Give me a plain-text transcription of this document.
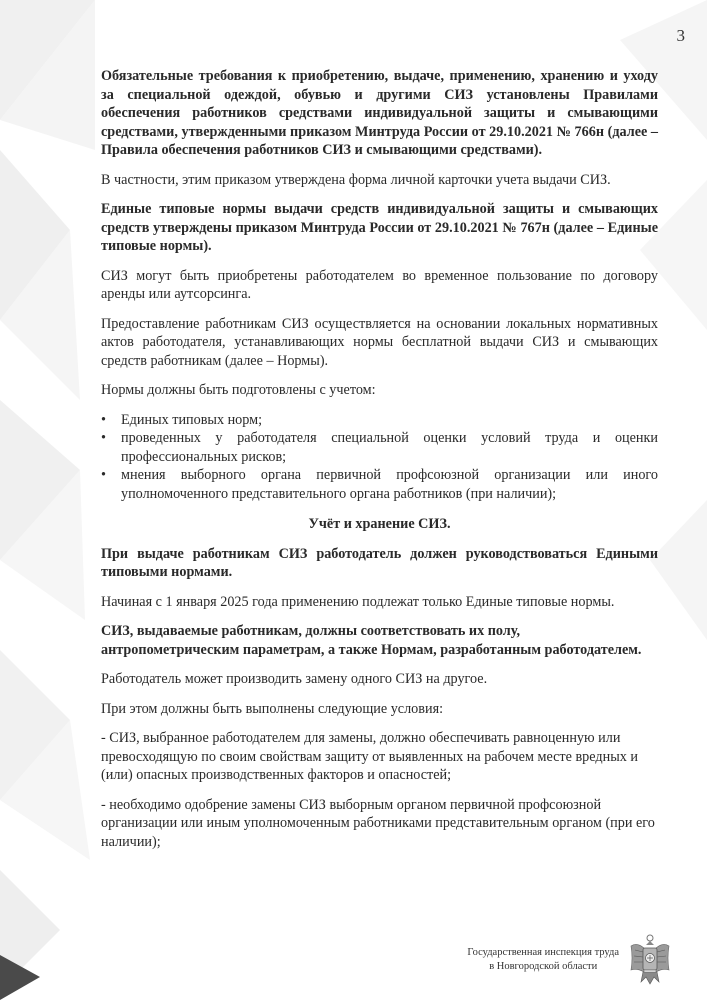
3

Обязательные требования к приобретению, выдаче, применению, хранению и уходу за специальной одеждой, обувью и другими СИЗ установлены Правилами обеспечения работников средствами индивидуальной защиты и смывающими средствами, утвержденными приказом Минтруда России от 29.10.2021 № 766н (далее – Правила обеспечения работников СИЗ и смывающими средствами).

В частности, этим приказом утверждена форма личной карточки учета выдачи СИЗ.

Единые типовые нормы выдачи средств индивидуальной защиты и смывающих средств утверждены приказом Минтруда России от 29.10.2021 № 767н (далее – Единые типовые нормы).

СИЗ могут быть приобретены работодателем во временное пользование по договору аренды или аутсорсинга.

Предоставление работникам СИЗ осуществляется на основании локальных нормативных актов работодателя, устанавливающих нормы бесплатной выдачи СИЗ и смывающих средств работникам (далее – Нормы).

Нормы должны быть подготовлены с учетом:

• Единых типовых норм;
• проведенных у работодателя специальной оценки условий труда и оценки профессиональных рисков;
• мнения выборного органа первичной профсоюзной организации или иного уполномоченного представительного органа работников (при наличии);

Учёт и хранение СИЗ.

При выдаче работникам СИЗ работодатель должен руководствоваться Едиными типовыми нормами.

Начиная с 1 января 2025 года применению подлежат только Единые типовые нормы.

СИЗ, выдаваемые работникам, должны соответствовать их полу, антропометрическим параметрам, а также Нормам, разработанным работодателем.

Работодатель может производить замену одного СИЗ на другое.

При этом должны быть выполнены следующие условия:

- СИЗ, выбранное работодателем для замены, должно обеспечивать равноценную или превосходящую по своим свойствам защиту от выявленных на рабочем месте вредных и (или) опасных производственных факторов и опасностей;

- необходимо одобрение замены СИЗ выборным органом первичной профсоюзной организации или иным уполномоченным работниками представительным органом (при его наличии);

Государственная инспекция труда
в Новгородской области
